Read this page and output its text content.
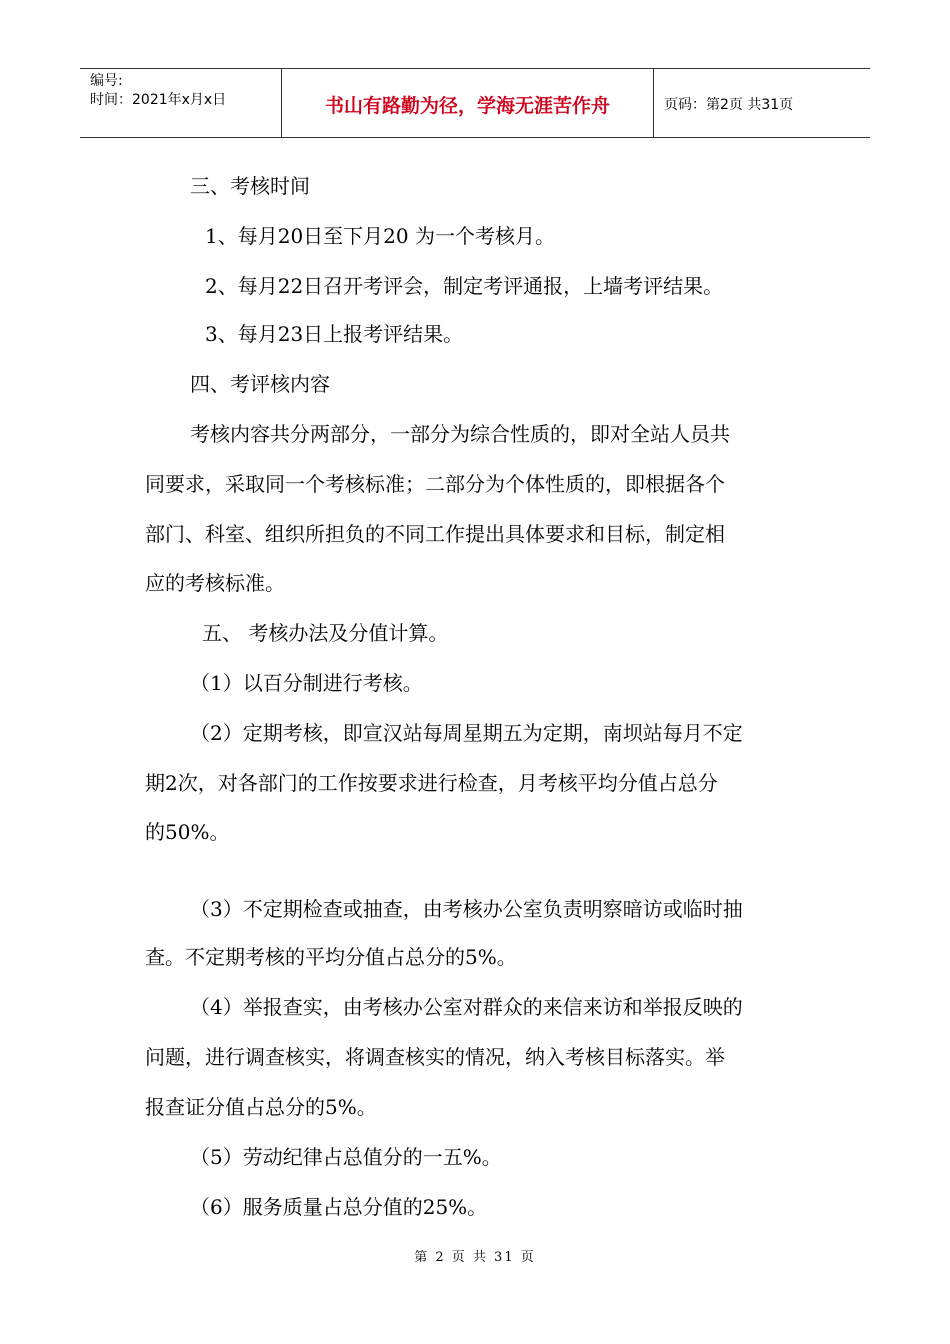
编号:
时间：2021年x月x日	书山有路勤为径，学海无涯苦作舟	页码：第2页 共31页
三、考核时间
1、每月20日至下月20 为一个考核月。
2、每月22日召开考评会，制定考评通报，上墙考评结果。
3、每月23日上报考评结果。
四、考评核内容
考核内容共分两部分，一部分为综合性质的，即对全站人员共
同要求，采取同一个考核标准；二部分为个体性质的，即根据各个
部门、科室、组织所担负的不同工作提出具体要求和目标，制定相
应的考核标准。
五、 考核办法及分值计算。
（1）以百分制进行考核。
（2）定期考核，即宣汉站每周星期五为定期，南坝站每月不定
期2次，对各部门的工作按要求进行检查，月考核平均分值占总分
的50%。
（3）不定期检查或抽查，由考核办公室负责明察暗访或临时抽
查。不定期考核的平均分值占总分的5%。
（4）举报查实，由考核办公室对群众的来信来访和举报反映的
问题，进行调查核实，将调查核实的情况，纳入考核目标落实。举
报查证分值占总分的5%。
（5）劳动纪律占总值分的一五%。
（6）服务质量占总分值的25%。
第 2 页 共 31 页
